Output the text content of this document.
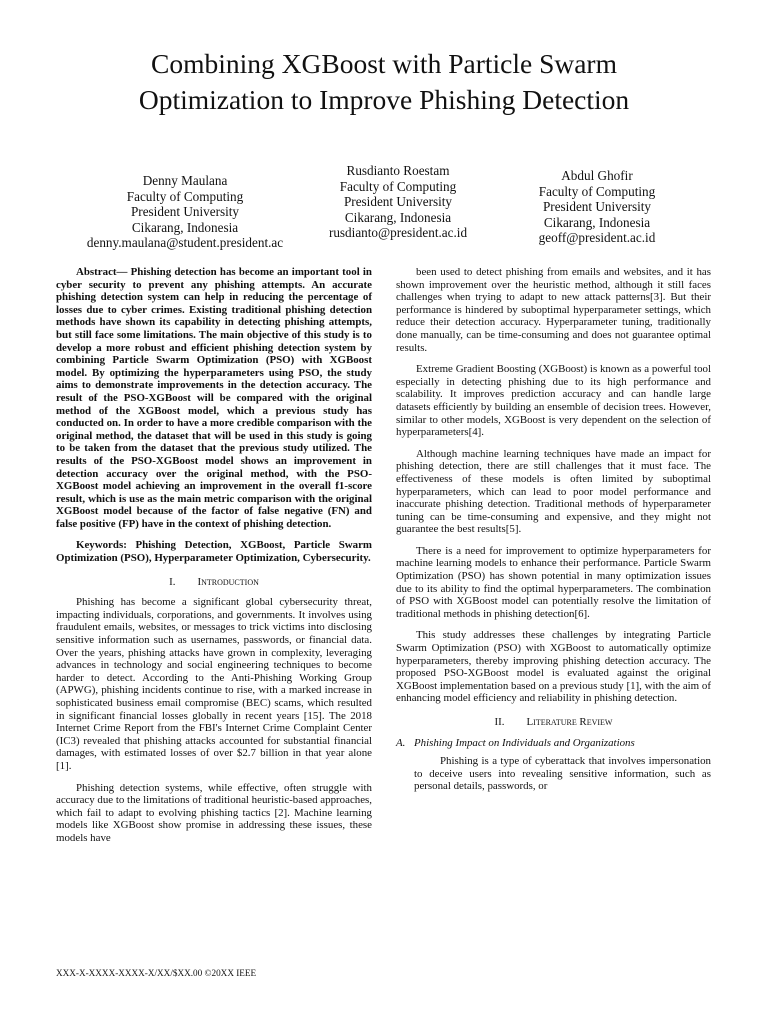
Combining XGBoost with Particle Swarm
Optimization to Improve Phishing Detection
Denny Maulana
Faculty of Computing
President University
Cikarang, Indonesia
denny.maulana@student.president.ac
Rusdianto Roestam
Faculty of Computing
President University
Cikarang, Indonesia
rusdianto@president.ac.id
Abdul Ghofir
Faculty of Computing
President University
Cikarang, Indonesia
geoff@president.ac.id

Abstract— Phishing detection has become an important tool in cyber security to prevent any phishing attempts. An accurate phishing detection system can help in reducing the percentage of losses due to cyber crimes. Existing traditional phishing detection methods have shown its capability in detecting phishing attempts, but still face some limitations. The main objective of this study is to develop a more robust and efficient phishing detection system by combining Particle Swarm Optimization (PSO) with XGBoost model. By optimizing the hyperparameters using PSO, the study aims to demonstrate improvements in the detection accuracy. The result of the PSO-XGBoost will be compared with the original method of the XGBoost model, which a previous study has conducted on. In order to have a more credible comparison with the original method, the dataset that will be used in this study is going to be taken from the dataset that the previous study utilized. The results of the PSO-XGBoost model shows an improvement in detection accuracy over the original method, with the PSO-XGBoost model achieving an improvement in the overall f1-score result, which is use as the main metric comparison with the original XGBoost model because of the factor of false negative (FN) and false positive (FP) have in the context of phishing detection.

Keywords: Phishing Detection, XGBoost, Particle Swarm Optimization (PSO), Hyperparameter Optimization, Cybersecurity.

I. Introduction

Phishing has become a significant global cybersecurity threat, impacting individuals, corporations, and governments. It involves using fraudulent emails, websites, or messages to trick victims into disclosing sensitive information such as usernames, passwords, or financial data. Over the years, phishing attacks have grown in complexity, leveraging advances in technology and social engineering techniques to become harder to detect. According to the Anti-Phishing Working Group (APWG), phishing incidents continue to rise, with a marked increase in sophisticated business email compromise (BEC) scams, which resulted in significant financial losses globally in recent years [15]. The 2018 Internet Crime Report from the FBI's Internet Crime Complaint Center (IC3) revealed that phishing attacks accounted for substantial financial damages, with estimated losses of over $2.7 billion in that year alone [1].

Phishing detection systems, while effective, often struggle with accuracy due to the limitations of traditional heuristic-based approaches, which fail to adapt to evolving phishing tactics [2]. Machine learning models like XGBoost show promise in addressing these issues, these models have

been used to detect phishing from emails and websites, and it has shown improvement over the heuristic method, although it still faces challenges when trying to adapt to new attack patterns[3]. But their performance is hindered by suboptimal hyperparameter settings, which reduce their detection accuracy. Hyperparameter tuning, traditionally done manually, can be time-consuming and does not guarantee optimal results.

Extreme Gradient Boosting (XGBoost) is known as a powerful tool especially in detecting phishing due to its high performance and scalability. It improves prediction accuracy and can handle large datasets efficiently by building an ensemble of decision trees. However, similar to other models, XGBoost is very dependent on the selection of hyperparameters[4].

Although machine learning techniques have made an impact for phishing detection, there are still challenges that it must face. The effectiveness of these models is often limited by suboptimal hyperparameters, which can lead to poor model performance and inaccurate phishing detection. Traditional methods of hyperparameter tuning can be time-consuming and expensive, and they might not guarantee the best results[5].

There is a need for improvement to optimize hyperparameters for machine learning models to enhance their performance. Particle Swarm Optimization (PSO) has shown potential in many optimization issues due to its ability to find the optimal hyperparameters. The combination of PSO with XGBoost model can potentially resolve the limitation of traditional methods in phishing detection[6].

This study addresses these challenges by integrating Particle Swarm Optimization (PSO) with XGBoost to automatically optimize hyperparameters, thereby improving phishing detection accuracy. The proposed PSO-XGBoost model is evaluated against the original XGBoost implementation based on a previous study [1], with the aim of enhancing model efficiency and reliability in phishing detection.

II. Literature Review
A. Phishing Impact on Individuals and Organizations

Phishing is a type of cyberattack that involves impersonation to deceive users into revealing sensitive information, such as personal details, passwords, or

XXX-X-XXXX-XXXX-X/XX/$XX.00 ©20XX IEEE
